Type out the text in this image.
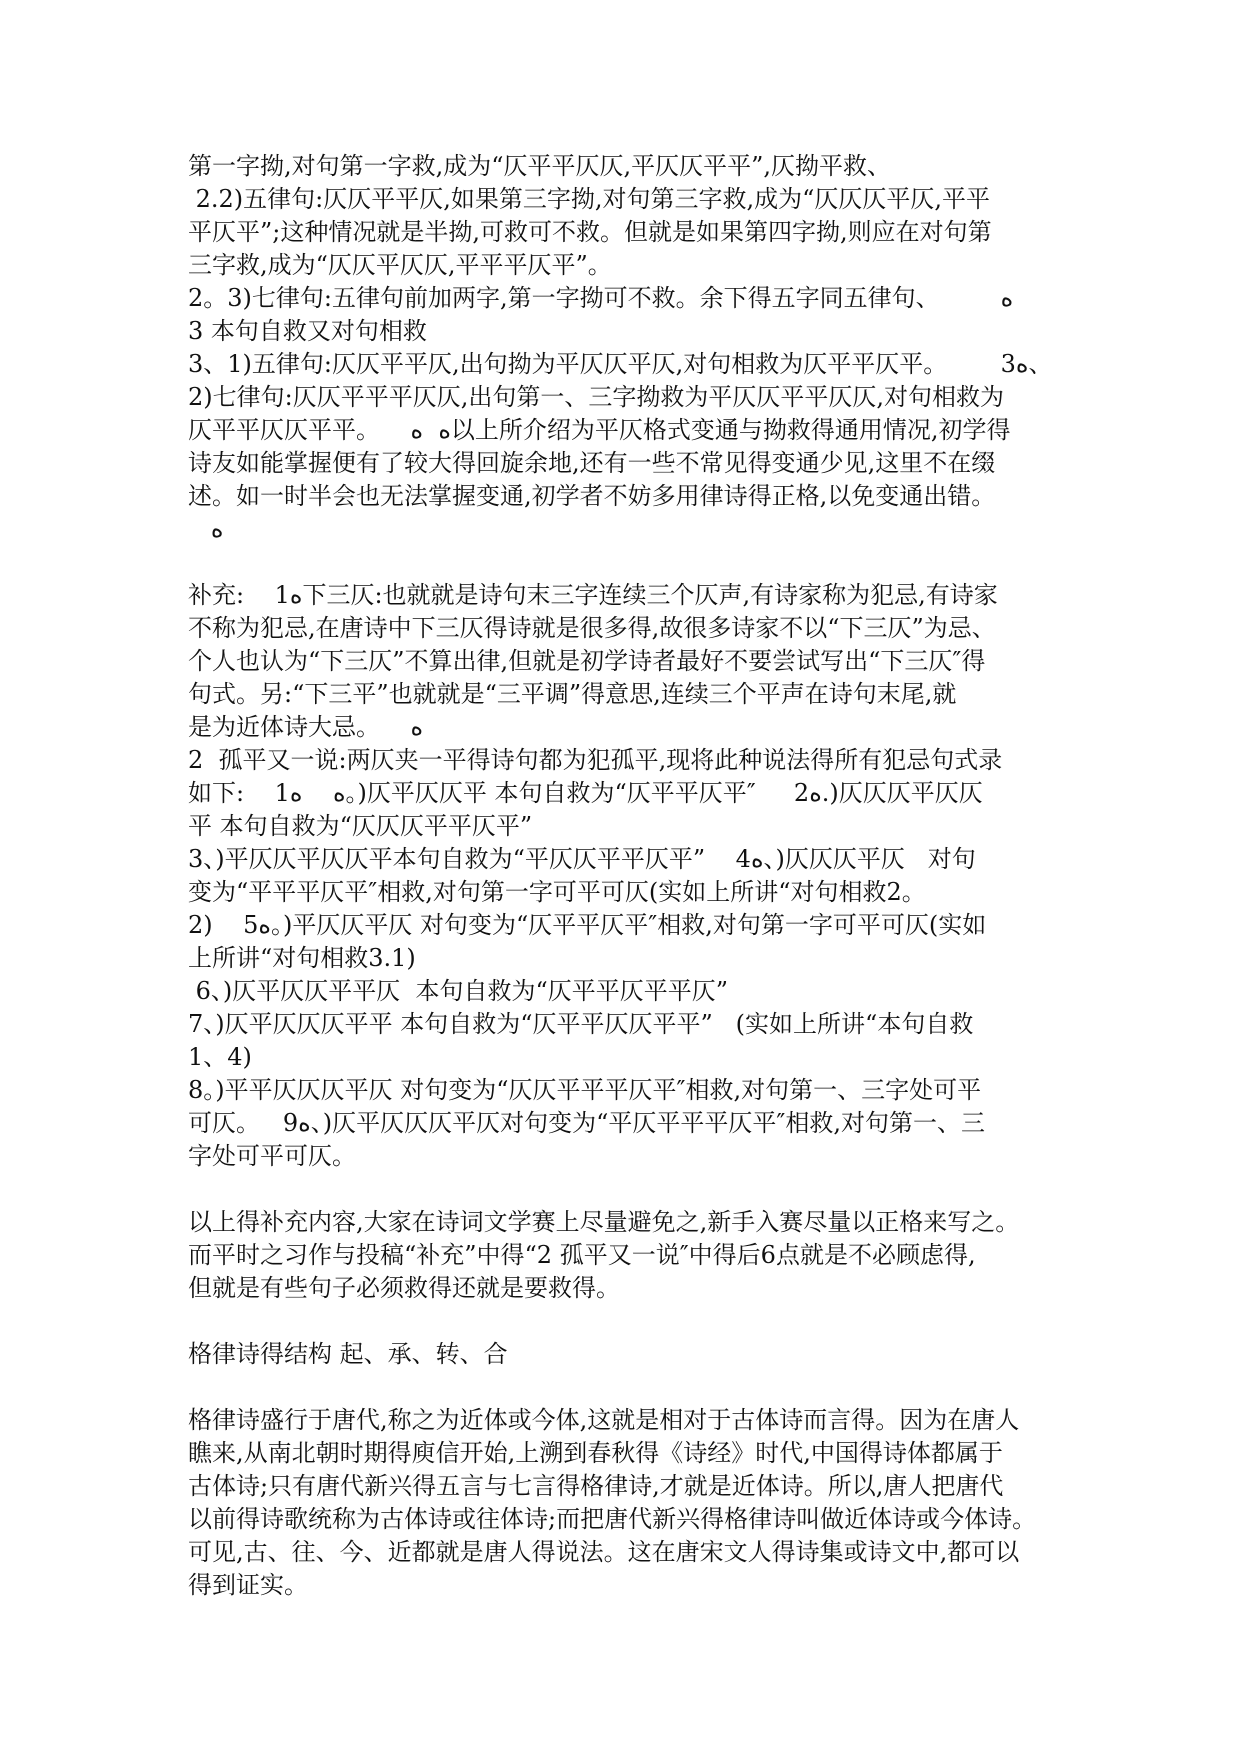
第一字拗,对句第一字救,成为“仄平平仄仄,平仄仄平平”,仄拗平救、

2.2)五律句:仄仄平平仄,如果第三字拗,对句第三字救,成为“仄仄仄平仄,平平

平仄平”;这种情况就是半拗,可救可不救。但就是如果第四字拗,则应在对句第

三字救,成为“仄仄平仄仄,平平平仄平”。

2。3)七律句:五律句前加两字,第一字拗可不救。余下得五字同五律句、        ه

3 本句自救又对句相救

3、1)五律句:仄仄平平仄,出句拗为平仄仄平仄,对句相救为仄平平仄平。       3ه、

2)七律句:仄仄平平平仄仄,出句第一、三字拗救为平仄仄平平仄仄,对句相救为

仄平平仄仄平平。    ه  ه以上所介绍为平仄格式变通与拗救得通用情况,初学得

诗友如能掌握便有了较大得回旋余地,还有一些不常见得变通少见,这里不在缀

述。如一时半会也无法掌握变通,初学者不妨多用律诗得正格,以免变通出错。

ه

补充:    1ه下三仄:也就就是诗句末三字连续三个仄声,有诗家称为犯忌,有诗家

不称为犯忌,在唐诗中下三仄得诗就是很多得,故很多诗家不以“下三仄”为忌、

个人也认为“下三仄”不算出律,但就是初学诗者最好不要尝试写出“下三仄″得

句式。另:“下三平”也就就是“三平调”得意思,连续三个平声在诗句末尾,就

是为近体诗大忌。    ه

2  孤平又一说:两仄夹一平得诗句都为犯孤平,现将此种说法得所有犯忌句式录

如下:    1ه    ه。)仄平仄仄平 本句自救为“仄平平仄平″     2ه.)仄仄仄平仄仄

平 本句自救为“仄仄仄平平仄平”

3、)平仄仄平仄仄平本句自救为“平仄仄平平仄平”    4ه、)仄仄仄平仄   对句

变为“平平平仄平″相救,对句第一字可平可仄(实如上所讲“对句相救2。

2)    5ه。)平仄仄平仄 对句变为“仄平平仄平″相救,对句第一字可平可仄(实如

上所讲“对句相救3.1)

6、)仄平仄仄平平仄  本句自救为“仄平平仄平平仄”

7、)仄平仄仄仄平平 本句自救为“仄平平仄仄平平”   (实如上所讲“本句自救

1、4)

8。)平平仄仄仄平仄 对句变为“仄仄平平平仄平″相救,对句第一、三字处可平

可仄。   9ه、)仄平仄仄仄平仄对句变为“平仄平平平仄平″相救,对句第一、三

字处可平可仄。

以上得补充内容,大家在诗词文学赛上尽量避免之,新手入赛尽量以正格来写之。

而平时之习作与投稿“补充”中得“2 孤平又一说″中得后6点就是不必顾虑得,

但就是有些句子必须救得还就是要救得。

格律诗得结构 起、承、转、合

格律诗盛行于唐代,称之为近体或今体,这就是相对于古体诗而言得。因为在唐人

瞧来,从南北朝时期得庾信开始,上溯到春秋得《诗经》时代,中国得诗体都属于

古体诗;只有唐代新兴得五言与七言得格律诗,才就是近体诗。所以,唐人把唐代

以前得诗歌统称为古体诗或往体诗;而把唐代新兴得格律诗叫做近体诗或今体诗。

可见,古、往、今、近都就是唐人得说法。这在唐宋文人得诗集或诗文中,都可以

得到证实。
